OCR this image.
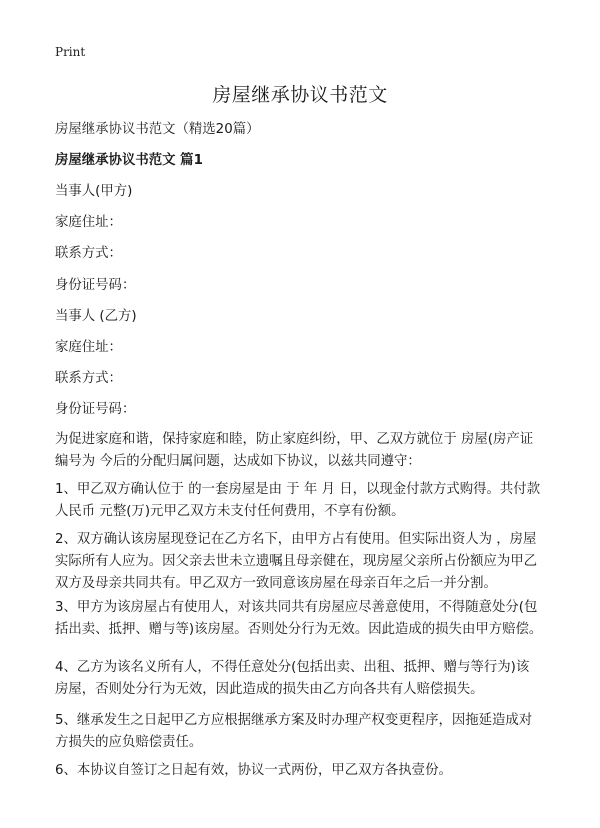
Print
房屋继承协议书范文
房屋继承协议书范文（精选20篇）
房屋继承协议书范文 篇1
当事人(甲方)
家庭住址：
联系方式：
身份证号码：
当事人 (乙方)
家庭住址：
联系方式：
身份证号码：
为促进家庭和谐，保持家庭和睦，防止家庭纠纷，甲、乙双方就位于 房屋(房产证
编号为 今后的分配归属问题，达成如下协议，以兹共同遵守：
1、甲乙双方确认位于 的一套房屋是由 于 年 月 日，以现金付款方式购得。共付款
人民币 元整(万)元甲乙双方未支付任何费用，不享有份额。
2、双方确认该房屋现登记在乙方名下，由甲方占有使用。但实际出资人为 ，房屋
实际所有人应为。因父亲去世未立遗嘱且母亲健在，现房屋父亲所占份额应为甲乙
双方及母亲共同共有。甲乙双方一致同意该房屋在母亲百年之后一并分割。
3、甲方为该房屋占有使用人，对该共同共有房屋应尽善意使用，不得随意处分(包
括出卖、抵押、赠与等)该房屋。否则处分行为无效。因此造成的损失由甲方赔偿。
4、乙方为该名义所有人，不得任意处分(包括出卖、出租、抵押、赠与等行为)该
房屋，否则处分行为无效，因此造成的损失由乙方向各共有人赔偿损失。
5、继承发生之日起甲乙方应根据继承方案及时办理产权变更程序，因拖延造成对
方损失的应负赔偿责任。
6、本协议自签订之日起有效，协议一式两份，甲乙双方各执壹份。
